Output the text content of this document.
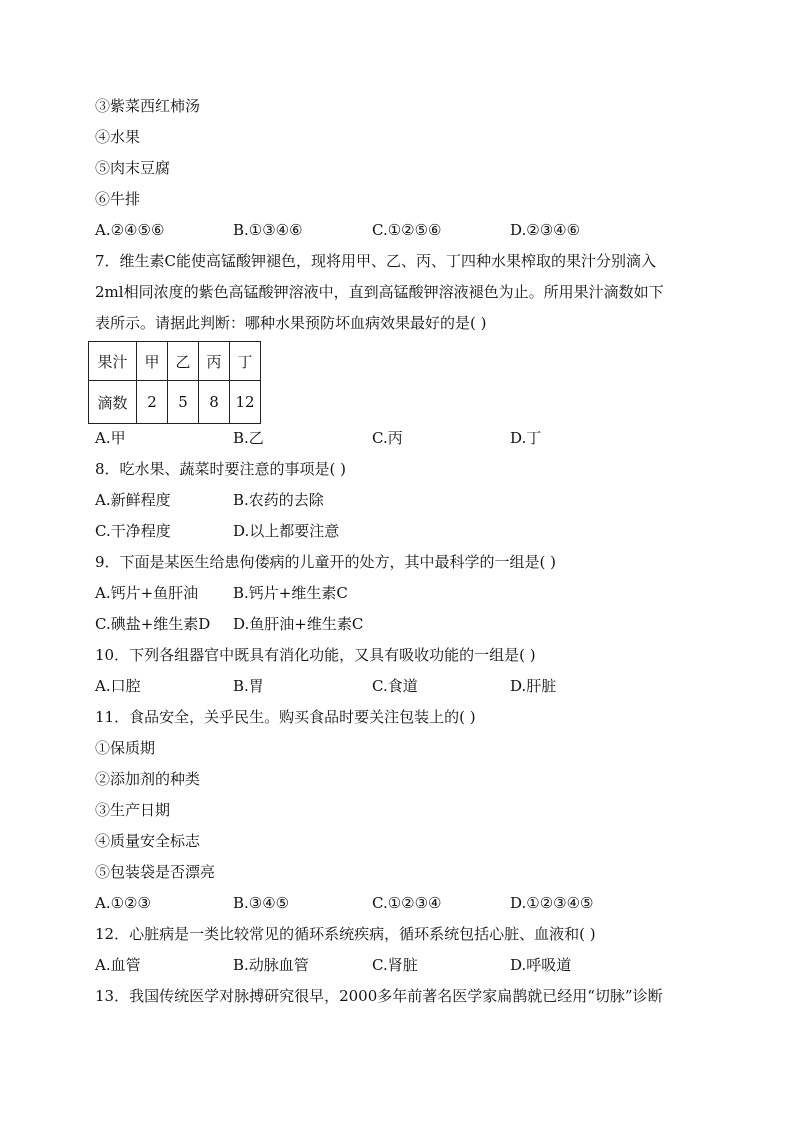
③紫菜西红柿汤
④水果
⑤肉末豆腐
⑥牛排
A.②④⑤⑥	B.①③④⑥	C.①②⑤⑥	D.②③④⑥
7．维生素C能使高锰酸钾褪色，现将用甲、乙、丙、丁四种水果榨取的果汁分别滴入
2ml相同浓度的紫色高锰酸钾溶液中，直到高锰酸钾溶液褪色为止。所用果汁滴数如下
表所示。请据此判断：哪种水果预防坏血病效果最好的是( )
果汁	甲	乙	丙	丁
滴数	2	5	8	12
A.甲	B.乙	C.丙	D.丁
8．吃水果、蔬菜时要注意的事项是( )
A.新鲜程度	B.农药的去除
C.干净程度	D.以上都要注意
9．下面是某医生给患佝偻病的儿童开的处方，其中最科学的一组是( )
A.钙片+鱼肝油 B.钙片+维生素C
C.碘盐+维生素D D.鱼肝油+维生素C
10．下列各组器官中既具有消化功能，又具有吸收功能的一组是( )
A.口腔	B.胃	C.食道	D.肝脏
11．食品安全，关乎民生。购买食品时要关注包装上的( )
①保质期
②添加剂的种类
③生产日期
④质量安全标志
⑤包装袋是否漂亮
A.①②③	B.③④⑤	C.①②③④	D.①②③④⑤
12．心脏病是一类比较常见的循环系统疾病，循环系统包括心脏、血液和( )
A.血管	B.动脉血管	C.肾脏	D.呼吸道
13．我国传统医学对脉搏研究很早，2000多年前著名医学家扁鹊就已经用“切脉”诊断
